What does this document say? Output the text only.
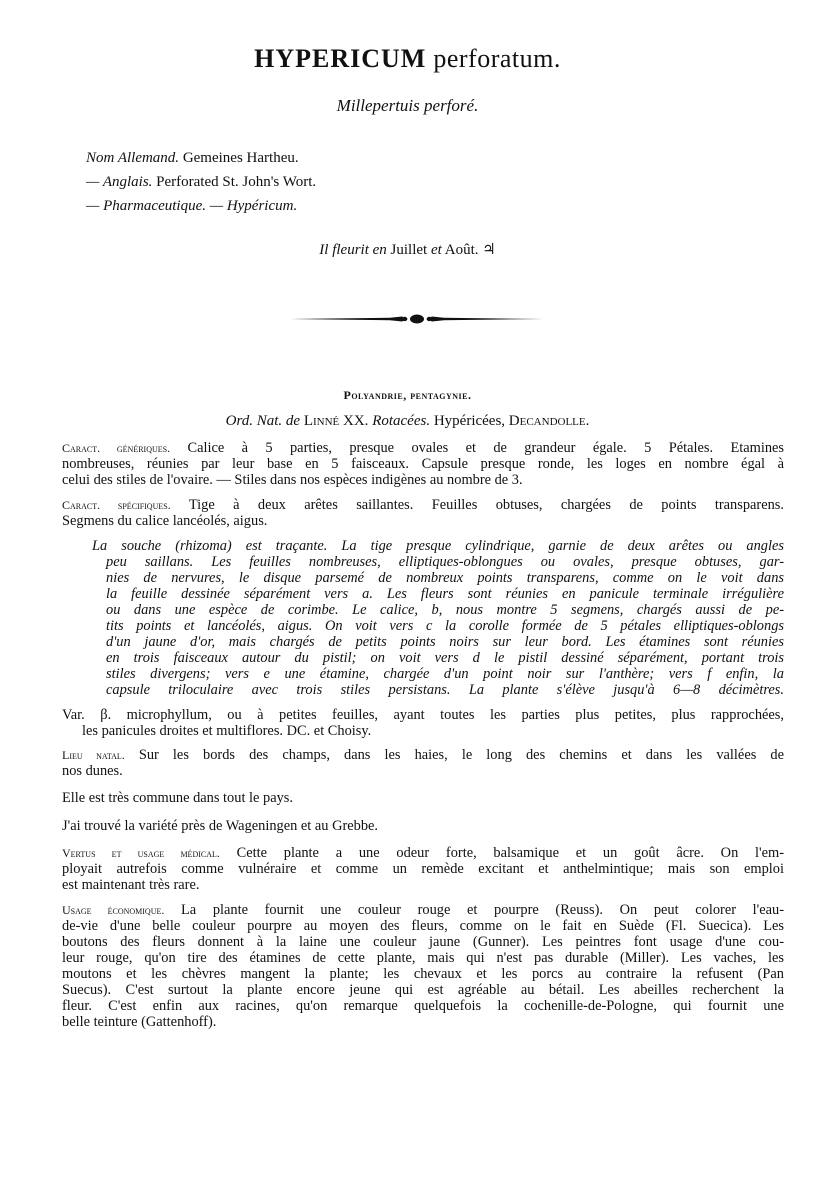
HYPERICUM perforatum.
Millepertuis perforé.
Nom Allemand. Gemeines Hartheu.
— Anglais. Perforated St. John's Wort.
— Pharmaceutique. — Hypéricum.
Il fleurit en Juillet et Août. ♃
Polyandrie, pentagynie.
Ord. Nat. de Linné XX. Rotacées. Hypéricées, Decandolle.
Caract. génériques. Calice à 5 parties, presque ovales et de grandeur égale. 5 Pétales. Etamines
nombreuses, réunies par leur base en 5 faisceaux. Capsule presque ronde, les loges en nombre égal à
celui des stiles de l'ovaire. — Stiles dans nos espèces indigènes au nombre de 3.
Caract. spécifiques. Tige à deux arêtes saillantes. Feuilles obtuses, chargées de points transparens.
Segmens du calice lancéolés, aigus.
La souche (rhizoma) est traçante. La tige presque cylindrique, garnie de deux arêtes ou angles
peu saillans. Les feuilles nombreuses, elliptiques-oblongues ou ovales, presque obtuses, gar-
nies de nervures, le disque parsemé de nombreux points transparens, comme on le voit dans
la feuille dessinée séparément vers a. Les fleurs sont réunies en panicule terminale irrégulière
ou dans une espèce de corimbe. Le calice, b, nous montre 5 segmens, chargés aussi de pe-
tits points et lancéolés, aigus. On voit vers c la corolle formée de 5 pétales elliptiques-oblongs
d'un jaune d'or, mais chargés de petits points noirs sur leur bord. Les étamines sont réunies
en trois faisceaux autour du pistil; on voit vers d le pistil dessiné séparément, portant trois
stiles divergens; vers e une étamine, chargée d'un point noir sur l'anthère; vers f enfin, la
capsule triloculaire avec trois stiles persistans. La plante s'élève jusqu'à 6—8 décimètres.
Var. β. microphyllum, ou à petites feuilles, ayant toutes les parties plus petites, plus rapprochées,
les panicules droites et multiflores. DC. et Choisy.
Lieu natal. Sur les bords des champs, dans les haies, le long des chemins et dans les vallées de
nos dunes.
Elle est très commune dans tout le pays.
J'ai trouvé la variété près de Wageningen et au Grebbe.
Vertus et usage médical. Cette plante a une odeur forte, balsamique et un goût âcre. On l'em-
ployait autrefois comme vulnéraire et comme un remède excitant et anthelmintique; mais son emploi
est maintenant très rare.
Usage économique. La plante fournit une couleur rouge et pourpre (Reuss). On peut colorer l'eau-
de-vie d'une belle couleur pourpre au moyen des fleurs, comme on le fait en Suède (Fl. Suecica). Les
boutons des fleurs donnent à la laine une couleur jaune (Gunner). Les peintres font usage d'une cou-
leur rouge, qu'on tire des étamines de cette plante, mais qui n'est pas durable (Miller). Les vaches, les
moutons et les chèvres mangent la plante; les chevaux et les porcs au contraire la refusent (Pan
Suecus). C'est surtout la plante encore jeune qui est agréable au bétail. Les abeilles recherchent la
fleur. C'est enfin aux racines, qu'on remarque quelquefois la cochenille-de-Pologne, qui fournit une
belle teinture (Gattenhoff).
